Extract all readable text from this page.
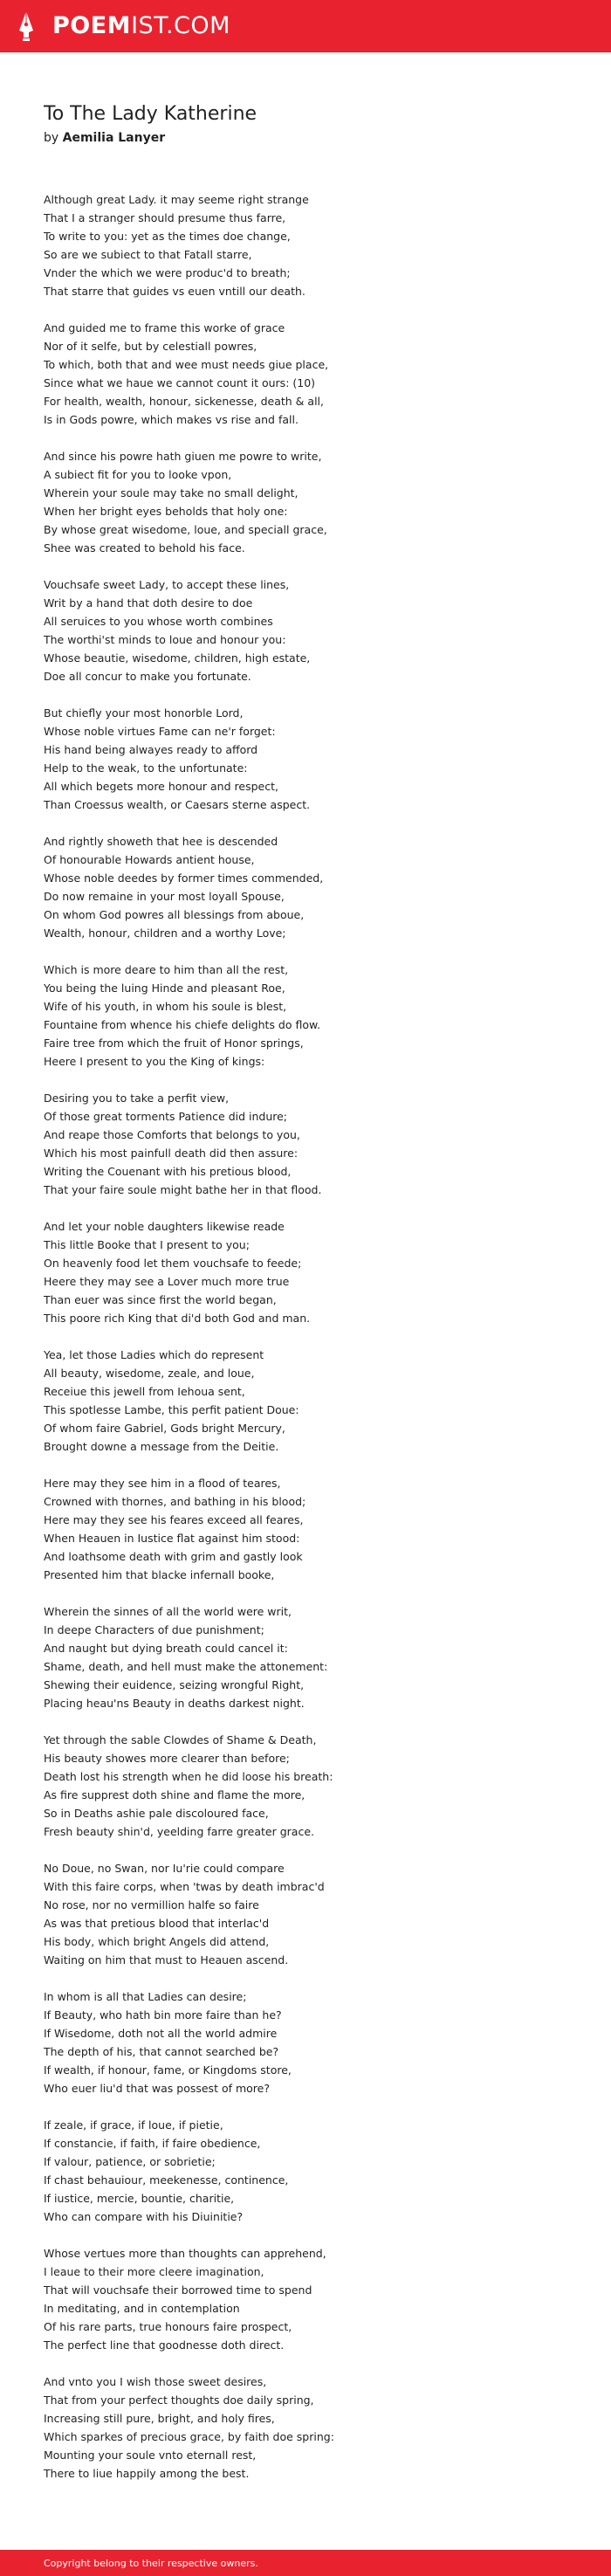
POEMIST.COM
To The Lady Katherine
by Aemilia Lanyer
Although great Lady. it may seeme right strange
That I a stranger should presume thus farre,
To write to you: yet as the times doe change,
So are we subiect to that Fatall starre,
Vnder the which we were produc'd to breath;
That starre that guides vs euen vntill our death.
And guided me to frame this worke of grace
Nor of it selfe, but by celestiall powres,
To which, both that and wee must needs giue place,
Since what we haue we cannot count it ours: (10)
For health, wealth, honour, sickenesse, death & all,
Is in Gods powre, which makes vs rise and fall.
And since his powre hath giuen me powre to write,
A subiect fit for you to looke vpon,
Wherein your soule may take no small delight,
When her bright eyes beholds that holy one:
By whose great wisedome, loue, and speciall grace,
Shee was created to behold his face.
Vouchsafe sweet Lady, to accept these lines,
Writ by a hand that doth desire to doe
All seruices to you whose worth combines
The worthi'st minds to loue and honour you:
Whose beautie, wisedome, children, high estate,
Doe all concur to make you fortunate.
But chiefly your most honorble Lord,
Whose noble virtues Fame can ne'r forget:
His hand being alwayes ready to afford
Help to the weak, to the unfortunate:
All which begets more honour and respect,
Than Croessus wealth, or Caesars sterne aspect.
And rightly showeth that hee is descended
Of honourable Howards antient house,
Whose noble deedes by former times commended,
Do now remaine in your most loyall Spouse,
On whom God powres all blessings from aboue,
Wealth, honour, children and a worthy Love;
Which is more deare to him than all the rest,
You being the luing Hinde and pleasant Roe,
Wife of his youth, in whom his soule is blest,
Fountaine from whence his chiefe delights do flow.
Faire tree from which the fruit of Honor springs,
Heere I present to you the King of kings:
Desiring you to take a perfit view,
Of those great torments Patience did indure;
And reape those Comforts that belongs to you,
Which his most painfull death did then assure:
Writing the Couenant with his pretious blood,
That your faire soule might bathe her in that flood.
And let your noble daughters likewise reade
This little Booke that I present to you;
On heavenly food let them vouchsafe to feede;
Heere they may see a Lover much more true
Than euer was since first the world began,
This poore rich King that di'd both God and man.
Yea, let those Ladies which do represent
All beauty, wisedome, zeale, and loue,
Receiue this jewell from Iehoua sent,
This spotlesse Lambe, this perfit patient Doue:
Of whom faire Gabriel, Gods bright Mercury,
Brought downe a message from the Deitie.
Here may they see him in a flood of teares,
Crowned with thornes, and bathing in his blood;
Here may they see his feares exceed all feares,
When Heauen in Iustice flat against him stood:
And loathsome death with grim and gastly look
Presented him that blacke infernall booke,
Wherein the sinnes of all the world were writ,
In deepe Characters of due punishment;
And naught but dying breath could cancel it:
Shame, death, and hell must make the attonement:
Shewing their euidence, seizing wrongful Right,
Placing heau'ns Beauty in deaths darkest night.
Yet through the sable Clowdes of Shame & Death,
His beauty showes more clearer than before;
Death lost his strength when he did loose his breath:
As fire supprest doth shine and flame the more,
So in Deaths ashie pale discoloured face,
Fresh beauty shin'd, yeelding farre greater grace.
No Doue, no Swan, nor Iu'rie could compare
With this faire corps, when 'twas by death imbrac'd
No rose, nor no vermillion halfe so faire
As was that pretious blood that interlac'd
His body, which bright Angels did attend,
Waiting on him that must to Heauen ascend.
In whom is all that Ladies can desire;
If Beauty, who hath bin more faire than he?
If Wisedome, doth not all the world admire
The depth of his, that cannot searched be?
If wealth, if honour, fame, or Kingdoms store,
Who euer liu'd that was possest of more?
If zeale, if grace, if loue, if pietie,
If constancie, if faith, if faire obedience,
If valour, patience, or sobrietie;
If chast behauiour, meekenesse, continence,
If iustice, mercie, bountie, charitie,
Who can compare with his Diuinitie?
Whose vertues more than thoughts can apprehend,
I leaue to their more cleere imagination,
That will vouchsafe their borrowed time to spend
In meditating, and in contemplation
Of his rare parts, true honours faire prospect,
The perfect line that goodnesse doth direct.
And vnto you I wish those sweet desires,
That from your perfect thoughts doe daily spring,
Increasing still pure, bright, and holy fires,
Which sparkes of precious grace, by faith doe spring:
Mounting your soule vnto eternall rest,
There to liue happily among the best.
Copyright belong to their respective owners.
